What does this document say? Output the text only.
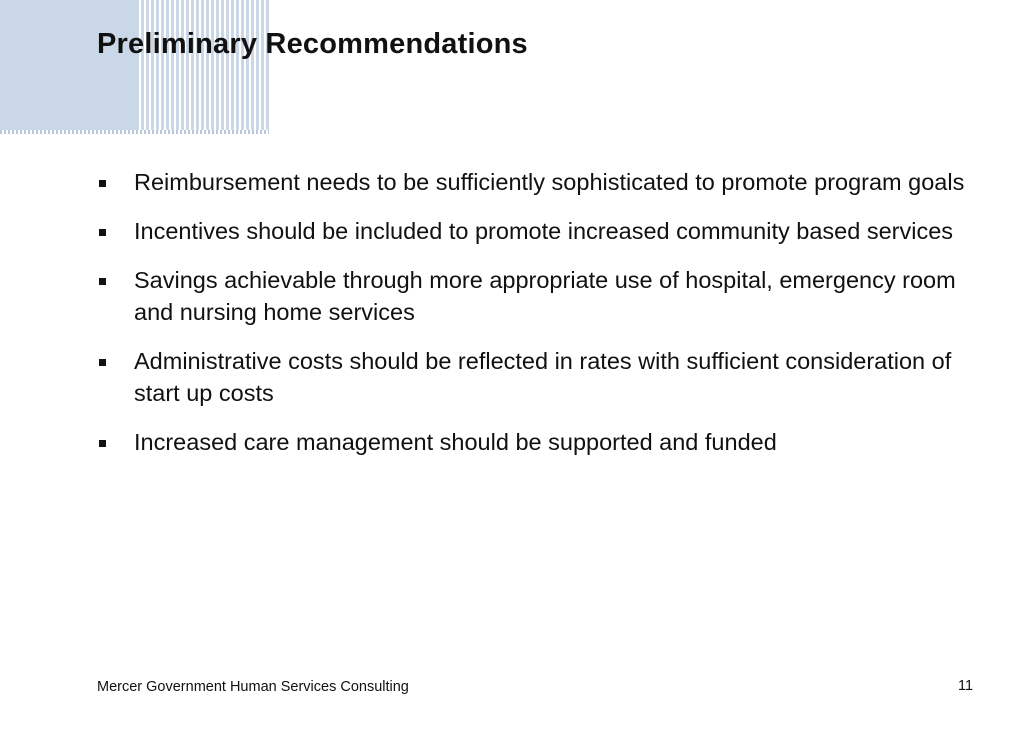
Preliminary Recommendations
Reimbursement needs to be sufficiently sophisticated to promote program goals
Incentives should be included to promote increased community based services
Savings achievable through more appropriate use of hospital, emergency room and nursing home services
Administrative costs should be reflected in rates with sufficient consideration of start up costs
Increased care management should be supported and funded
Mercer Government Human Services Consulting	11
